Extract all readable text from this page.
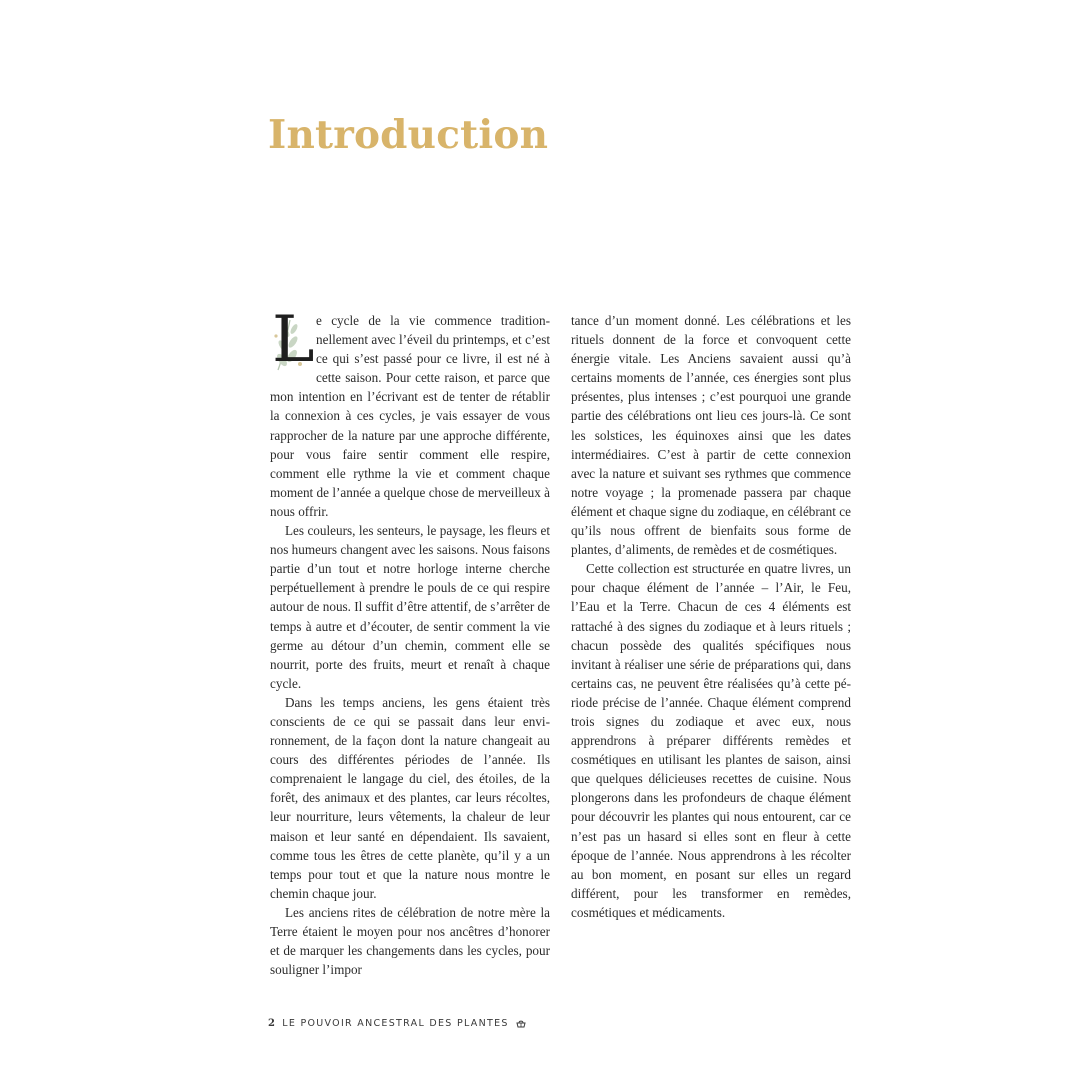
Introduction

L e cycle de la vie commence traditionnellement avec l’éveil du printemps, et c’est ce qui s’est passé pour ce livre, il est né à cette saison. Pour cette raison, et parce que mon intention en l’écrivant est de tenter de rétablir la connexion à ces cycles, je vais essayer de vous rapprocher de la nature par une approche différente, pour vous faire sentir comment elle respire, comment elle rythme la vie et comment chaque moment de l’année a quelque chose de merveilleux à nous offrir.

Les couleurs, les senteurs, le paysage, les fleurs et nos humeurs changent avec les saisons. Nous faisons partie d’un tout et notre horloge interne cherche perpétuellement à prendre le pouls de ce qui respire autour de nous. Il suffit d’être attentif, de s’arrêter de temps à autre et d’écouter, de sentir comment la vie germe au détour d’un chemin, comment elle se nourrit, porte des fruits, meurt et renaît à chaque cycle.

Dans les temps anciens, les gens étaient très conscients de ce qui se passait dans leur environnement, de la façon dont la nature changeait au cours des différentes périodes de l’année. Ils comprenaient le langage du ciel, des étoiles, de la forêt, des animaux et des plantes, car leurs récoltes, leur nourriture, leurs vêtements, la chaleur de leur maison et leur santé en dépendaient. Ils savaient, comme tous les êtres de cette planète, qu’il y a un temps pour tout et que la nature nous montre le chemin chaque jour.

Les anciens rites de célébration de notre mère la Terre étaient le moyen pour nos ancêtres d’honorer et de marquer les changements dans les cycles, pour souligner l’impor

tance d’un moment donné. Les célébrations et les rituels donnent de la force et convoquent cette énergie vitale. Les Anciens savaient aussi qu’à certains moments de l’année, ces énergies sont plus présentes, plus intenses ; c’est pourquoi une grande partie des célébrations ont lieu ces jours-là. Ce sont les solstices, les équinoxes ainsi que les dates intermédiaires. C’est à partir de cette connexion avec la nature et suivant ses rythmes que commence notre voyage ; la promenade passera par chaque élément et chaque signe du zodiaque, en célébrant ce qu’ils nous offrent de bienfaits sous forme de plantes, d’aliments, de remèdes et de cosmétiques.

Cette collection est structurée en quatre livres, un pour chaque élément de l’année – l’Air, le Feu, l’Eau et la Terre. Chacun de ces 4 éléments est rattaché à des signes du zodiaque et à leurs rituels ; chacun possède des qualités spécifiques nous invitant à réaliser une série de préparations qui, dans certains cas, ne peuvent être réalisées qu’à cette période précise de l’année. Chaque élément comprend trois signes du zodiaque et avec eux, nous apprendrons à préparer différents remèdes et cosmétiques en utilisant les plantes de saison, ainsi que quelques délicieuses recettes de cuisine. Nous plongerons dans les profondeurs de chaque élément pour découvrir les plantes qui nous entourent, car ce n’est pas un hasard si elles sont en fleur à cette époque de l’année. Nous apprendrons à les récolter au bon moment, en posant sur elles un regard différent, pour les transformer en remèdes, cosmétiques et médicaments.

2 LE POUVOIR ANCESTRAL DES PLANTES
